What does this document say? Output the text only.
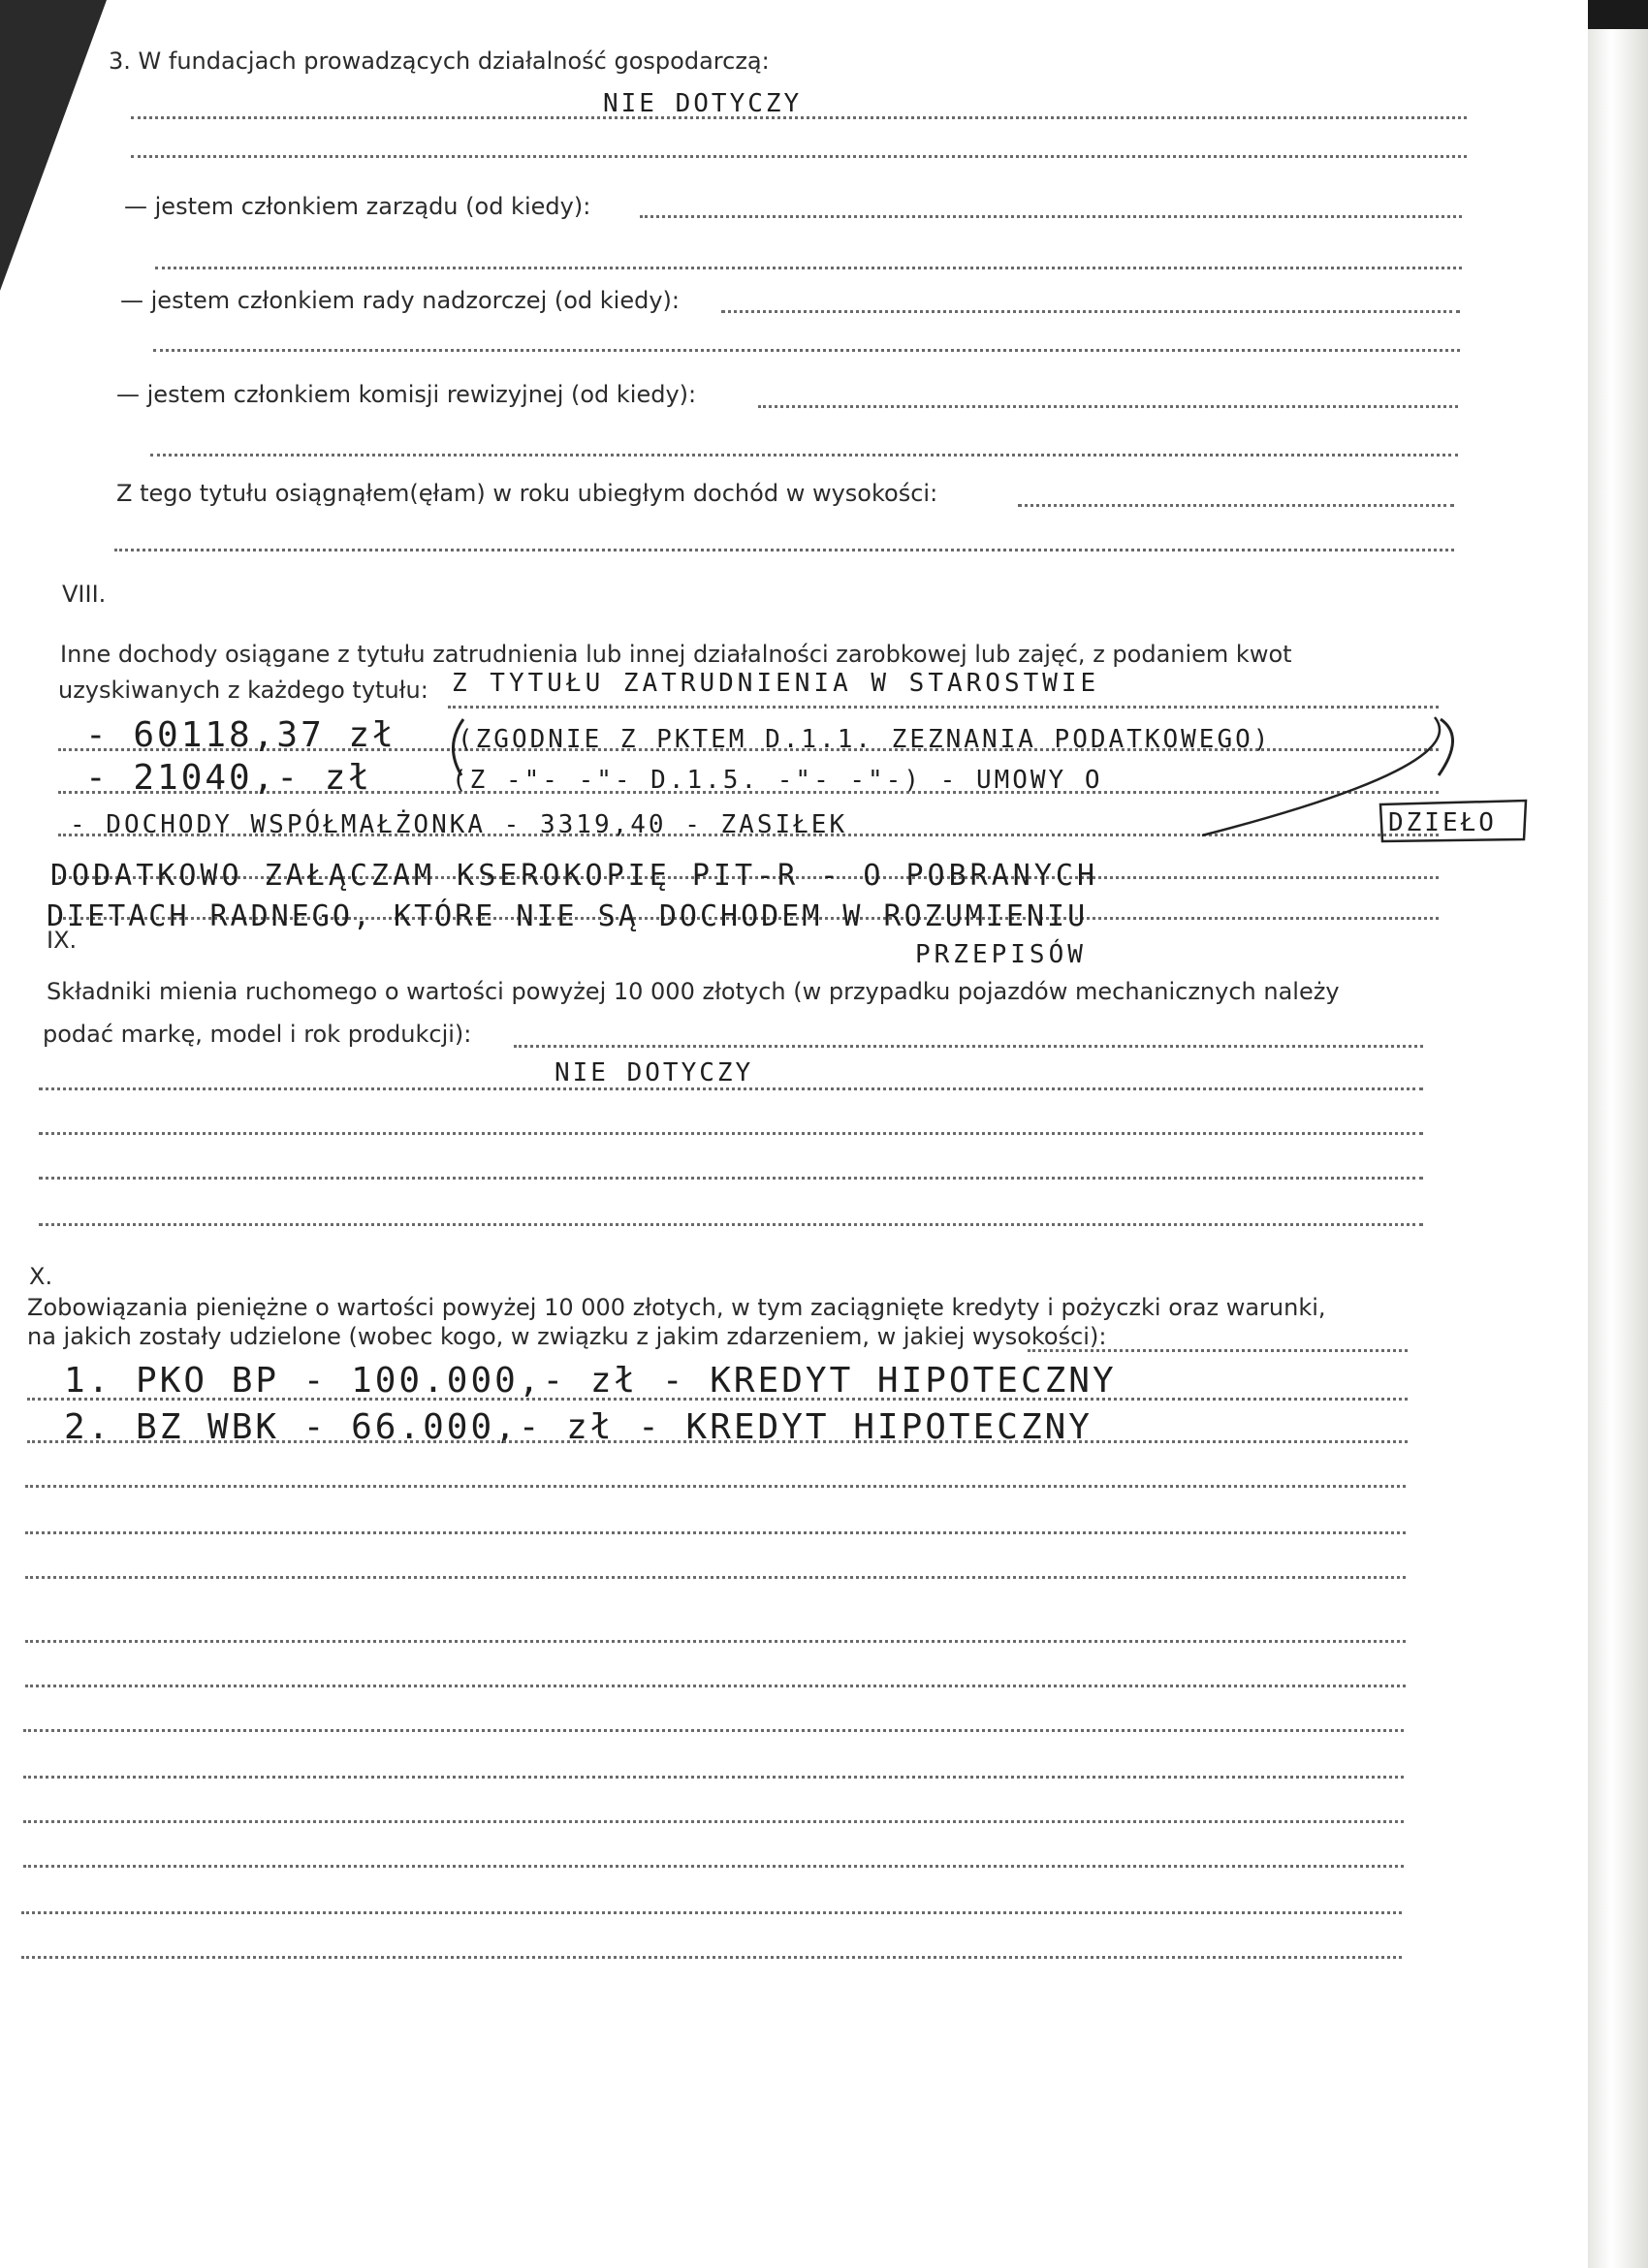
3. W fundacjach prowadzących działalność gospodarczą:
NIE DOTYCZY
— jestem członkiem zarządu (od kiedy):
— jestem członkiem rady nadzorczej (od kiedy):
— jestem członkiem komisji rewizyjnej (od kiedy):
Z tego tytułu osiągnąłem(ęłam) w roku ubiegłym dochód w wysokości:
VIII.
Inne dochody osiągane z tytułu zatrudnienia lub innej działalności zarobkowej lub zajęć, z podaniem kwot
uzyskiwanych z każdego tytułu: Z TYTUŁU ZATRUDNIENIA W STAROSTWIE
- 60118,37 zł (ZGODNIE Z PKTEM D.1.1. ZEZNANIA PODATKOWEGO)
- 21040,- zł	(Z -"- -"- D.1.5. -"- -"-) - UMOWY O
- DOCHODY WSPÓŁMAŁŻONKA - 3319,40 - ZASIŁEK	DZIEŁO
DODATKOWO ZAŁĄCZAM KSEROKOPIĘ PIT-R - O POBRANYCH
DIETACH RADNEGO, KTÓRE NIE SĄ DOCHODEM W ROZUMIENIU
PRZEPISÓW
IX.
Składniki mienia ruchomego o wartości powyżej 10 000 złotych (w przypadku pojazdów mechanicznych należy
podać markę, model i rok produkcji):
NIE DOTYCZY
X.
Zobowiązania pieniężne o wartości powyżej 10 000 złotych, w tym zaciągnięte kredyty i pożyczki oraz warunki,
na jakich zostały udzielone (wobec kogo, w związku z jakim zdarzeniem, w jakiej wysokości):
1. PKO BP - 100.000,- zł - KREDYT HIPOTECZNY
2. BZ WBK - 66.000,- zł - KREDYT HIPOTECZNY
